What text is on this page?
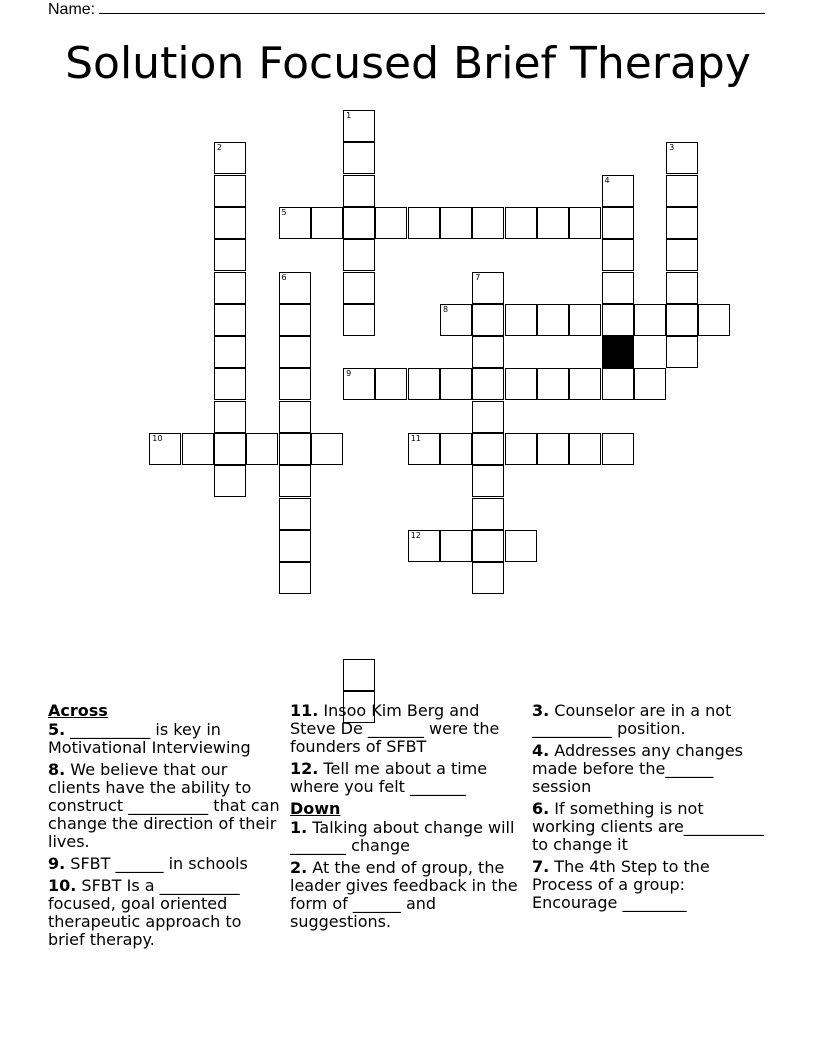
Name:
Solution Focused Brief Therapy
1
2	3
4
5
6	7
8
9
10	11
12
Across
5. __________ is key in Motivational Interviewing
8. We believe that our clients have the ability to construct __________ that can change the direction of their lives.
9. SFBT ______ in schools
10. SFBT Is a __________ focused, goal oriented therapeutic approach to brief therapy.
11. Insoo Kim Berg and Steve De _______ were the founders of SFBT
12. Tell me about a time where you felt _______
Down
1. Talking about change will _______ change
2. At the end of group, the leader gives feedback in the form of ______ and suggestions.
3. Counselor are in a not __________ position.
4. Addresses any changes made before the______ session
6. If something is not working clients are__________ to change it
7. The 4th Step to the Process of a group: Encourage ________
